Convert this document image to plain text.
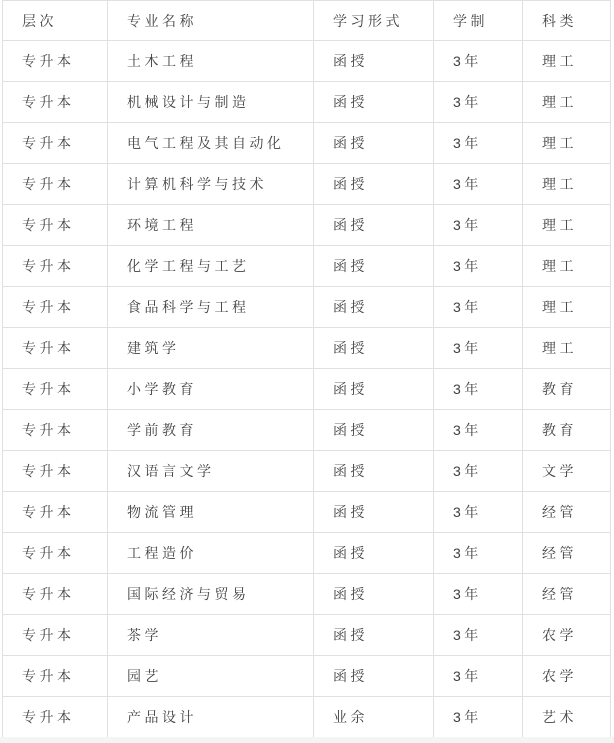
层次	专业名称	学习形式	学制	科类
专升本	土木工程	函授	3年	理工
专升本	机械设计与制造	函授	3年	理工
专升本	电气工程及其自动化	函授	3年	理工
专升本	计算机科学与技术	函授	3年	理工
专升本	环境工程	函授	3年	理工
专升本	化学工程与工艺	函授	3年	理工
专升本	食品科学与工程	函授	3年	理工
专升本	建筑学	函授	3年	理工
专升本	小学教育	函授	3年	教育
专升本	学前教育	函授	3年	教育
专升本	汉语言文学	函授	3年	文学
专升本	物流管理	函授	3年	经管
专升本	工程造价	函授	3年	经管
专升本	国际经济与贸易	函授	3年	经管
专升本	茶学	函授	3年	农学
专升本	园艺	函授	3年	农学
专升本	产品设计	业余	3年	艺术
